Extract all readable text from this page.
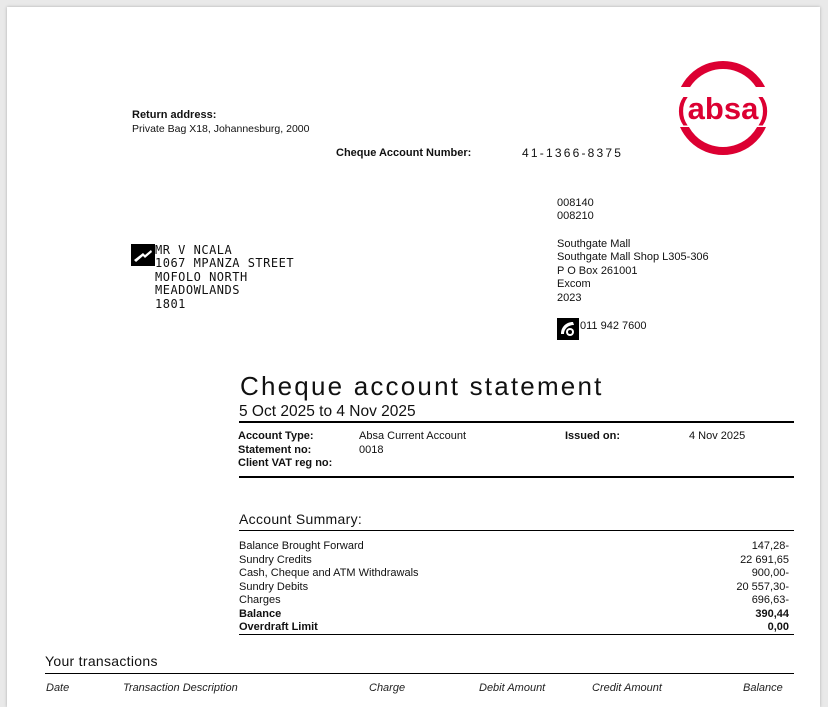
(absa)
Return address:
Private Bag X18, Johannesburg, 2000
Cheque Account Number:	41-1366-8375
008140
008210
MR V NCALA
1067 MPANZA STREET
MOFOLO NORTH
MEADOWLANDS
1801
Southgate Mall
Southgate Mall Shop L305-306
P O Box 261001
Excom
2023
011 942 7600
Cheque account statement
5 Oct 2025 to 4 Nov 2025
Account Type:	Absa Current Account	Issued on:	4 Nov 2025
Statement no:	0018		
Client VAT reg no:			
Account Summary:
Balance Brought Forward	147,28-
Sundry Credits	22 691,65
Cash, Cheque and ATM Withdrawals	900,00-
Sundry Debits	20 557,30-
Charges	696,63-
Balance	390,44
Overdraft Limit	0,00
Your transactions
Date	Transaction Description	Charge	Debit Amount	Credit Amount	Balance
